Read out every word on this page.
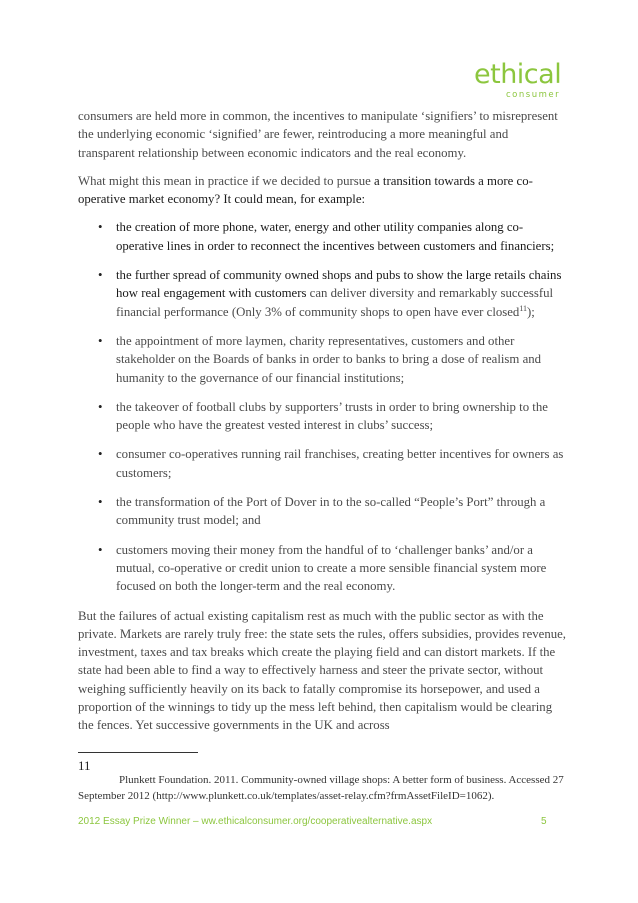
ethical
consumer

consumers are held more in common, the incentives to manipulate ‘signifiers’ to misrepresent the underlying economic ‘signified’ are fewer, reintroducing a more meaningful and transparent relationship between economic indicators and the real economy.

What might this mean in practice if we decided to pursue a transition towards a more co-operative market economy? It could mean, for example:

• the creation of more phone, water, energy and other utility companies along co-operative lines in order to reconnect the incentives between customers and financiers;
• the further spread of community owned shops and pubs to show the large retails chains how real engagement with customers can deliver diversity and remarkably successful financial performance (Only 3% of community shops to open have ever closed$^{11}$);
• the appointment of more laymen, charity representatives, customers and other stakeholder on the Boards of banks in order to banks to bring a dose of realism and humanity to the governance of our financial institutions;
• the takeover of football clubs by supporters’ trusts in order to bring ownership to the people who have the greatest vested interest in clubs’ success;
• consumer co-operatives running rail franchises, creating better incentives for owners as customers;
• the transformation of the Port of Dover in to the so-called “People’s Port” through a community trust model; and
• customers moving their money from the handful of to ‘challenger banks’ and/or a mutual, co-operative or credit union to create a more sensible financial system more focused on both the longer-term and the real economy.

But the failures of actual existing capitalism rest as much with the public sector as with the private. Markets are rarely truly free: the state sets the rules, offers subsidies, provides revenue, investment, taxes and tax breaks which create the playing field and can distort markets. If the state had been able to find a way to effectively harness and steer the private sector, without weighing sufficiently heavily on its back to fatally compromise its horsepower, and used a proportion of the winnings to tidy up the mess left behind, then capitalism would be clearing the fences. Yet successive governments in the UK and across

11
Plunkett Foundation. 2011. Community-owned village shops: A better form of business. Accessed 27 September 2012 (http://www.plunkett.co.uk/templates/asset-relay.cfm?frmAssetFileID=1062).
2012 Essay Prize Winner – ww.ethicalconsumer.org/cooperativealternative.aspx	5
